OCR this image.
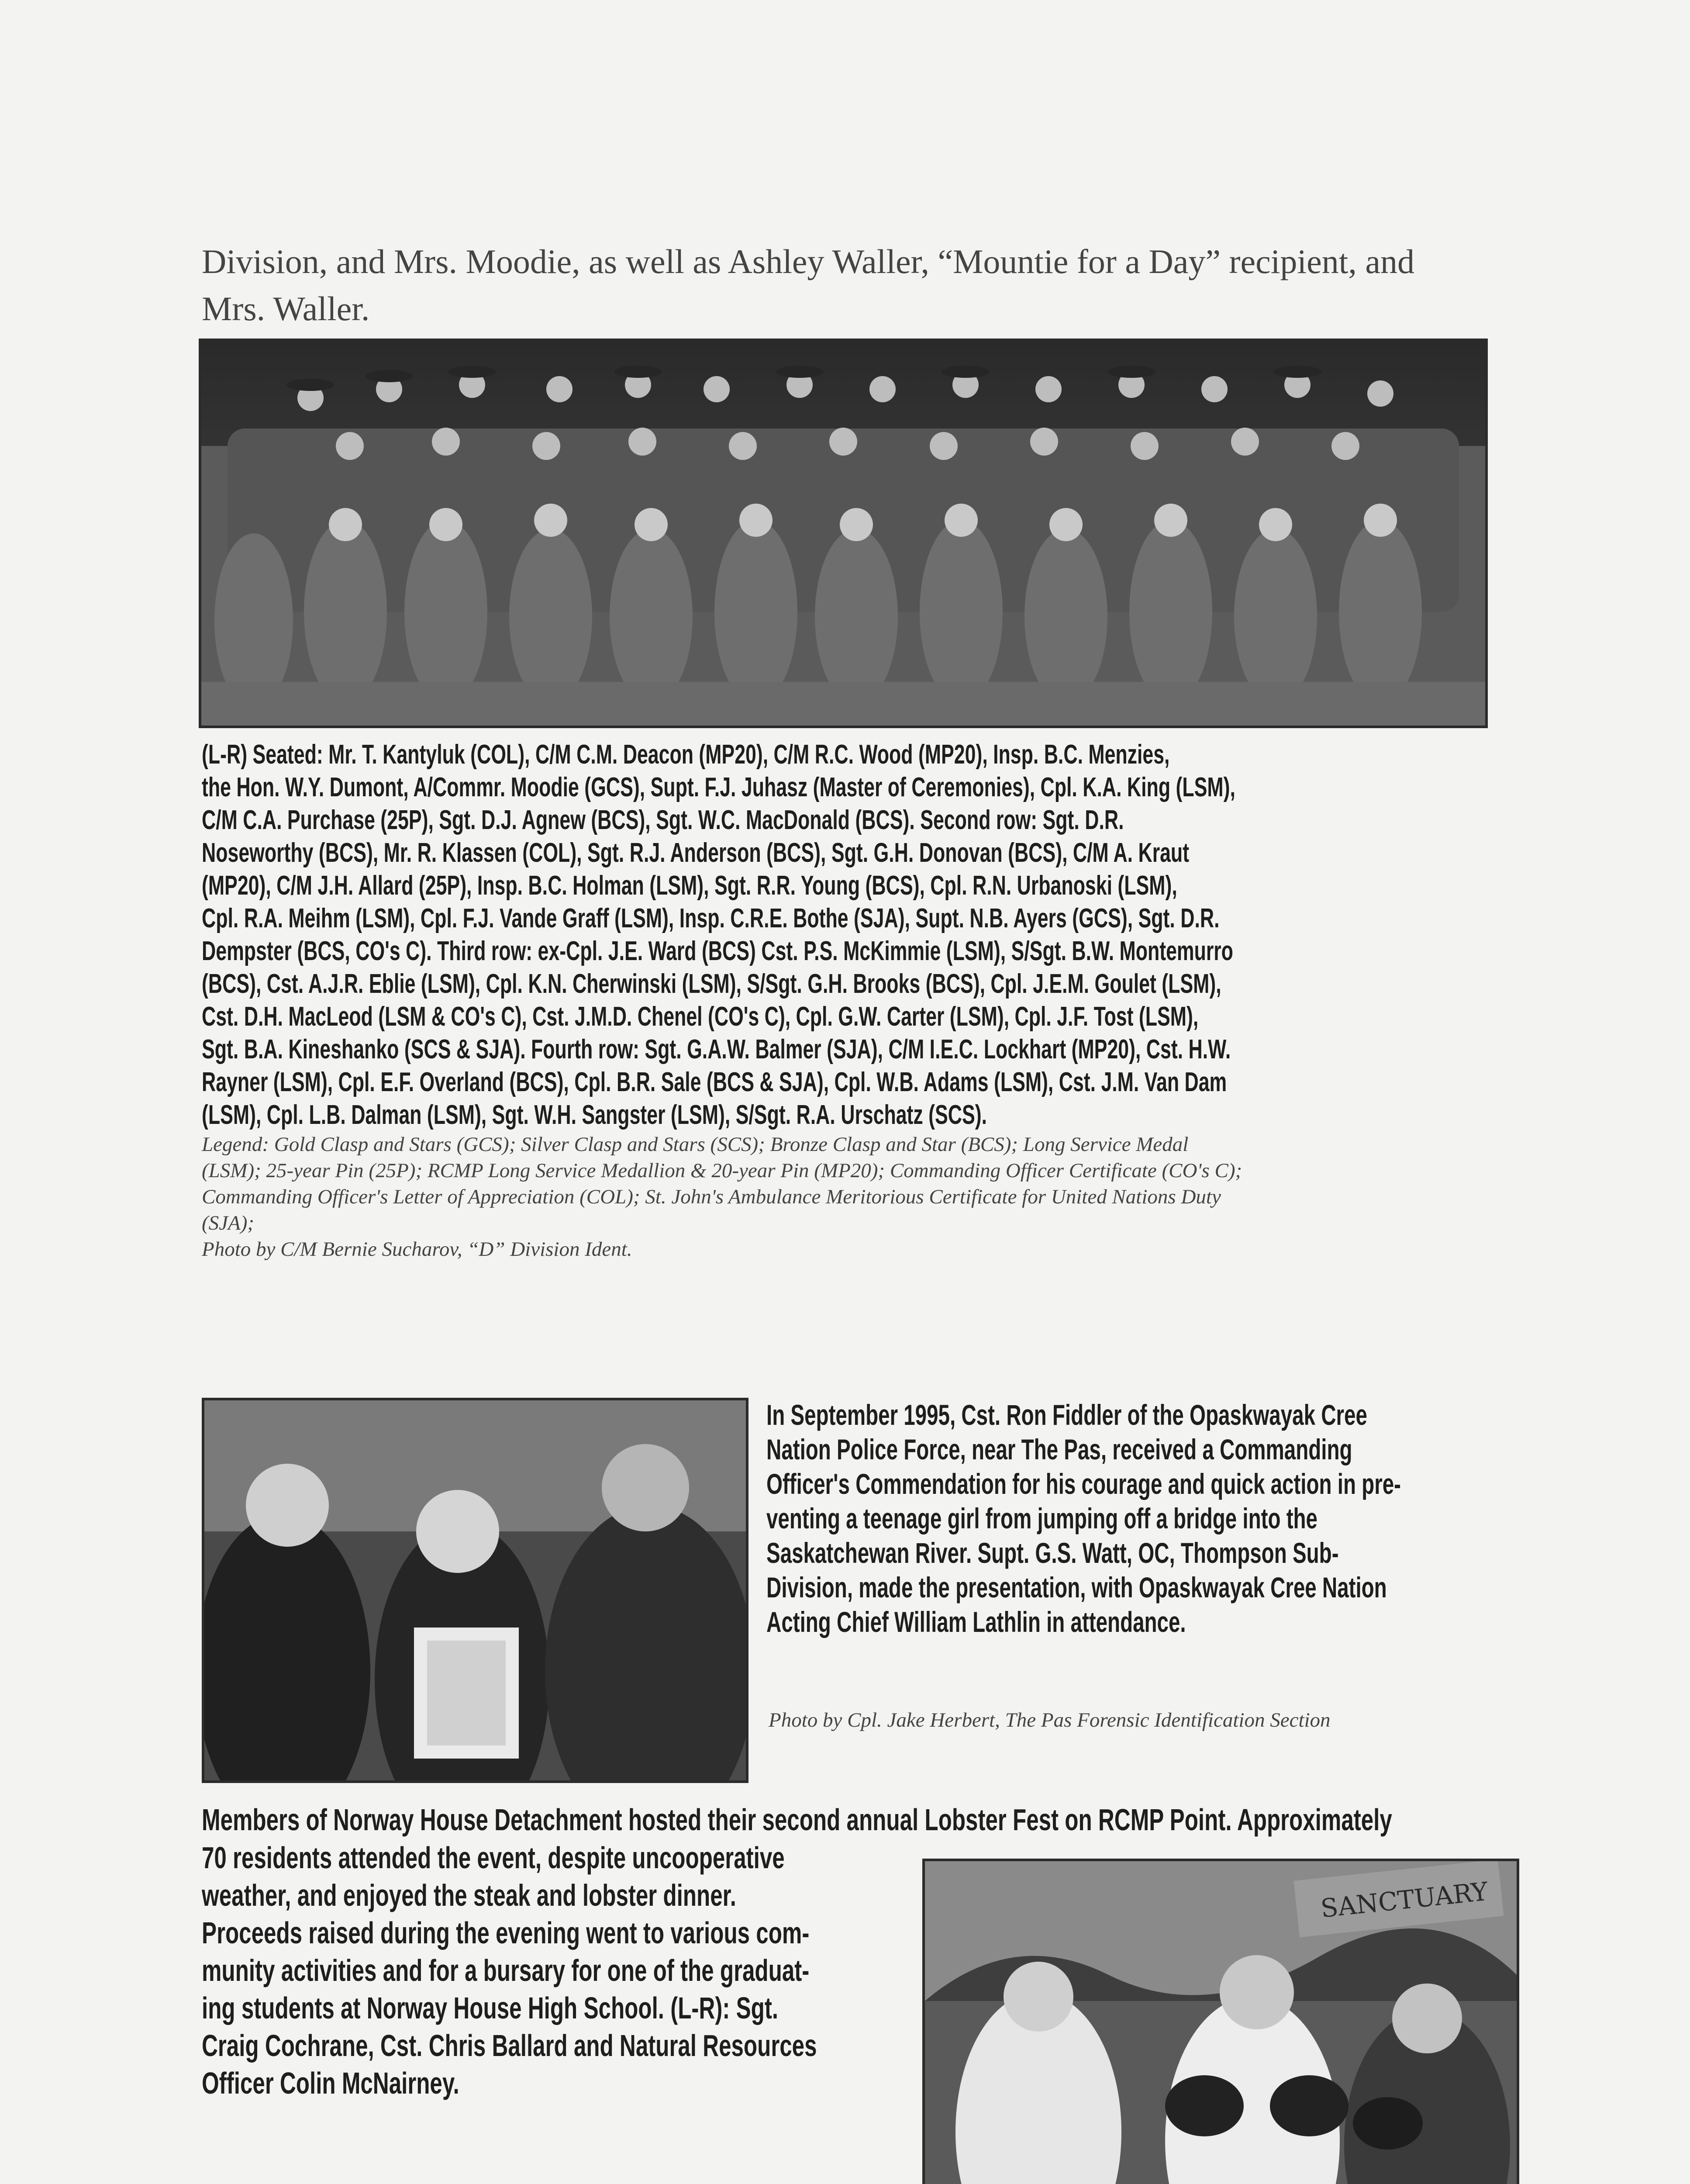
Division, and Mrs. Moodie, as well as Ashley Waller, “Mountie for a Day” recipient, and
Mrs. Waller.
(L-R) Seated: Mr. T. Kantyluk (COL), C/M C.M. Deacon (MP20), C/M R.C. Wood (MP20), Insp. B.C. Menzies,
the Hon. W.Y. Dumont, A/Commr. Moodie (GCS), Supt. F.J. Juhasz (Master of Ceremonies), Cpl. K.A. King (LSM),
C/M C.A. Purchase (25P), Sgt. D.J. Agnew (BCS), Sgt. W.C. MacDonald (BCS). Second row: Sgt. D.R.
Noseworthy (BCS), Mr. R. Klassen (COL), Sgt. R.J. Anderson (BCS), Sgt. G.H. Donovan (BCS), C/M A. Kraut
(MP20), C/M J.H. Allard (25P), Insp. B.C. Holman (LSM), Sgt. R.R. Young (BCS), Cpl. R.N. Urbanoski (LSM),
Cpl. R.A. Meihm (LSM), Cpl. F.J. Vande Graff (LSM), Insp. C.R.E. Bothe (SJA), Supt. N.B. Ayers (GCS), Sgt. D.R.
Dempster (BCS, CO's C). Third row: ex-Cpl. J.E. Ward (BCS) Cst. P.S. McKimmie (LSM), S/Sgt. B.W. Montemurro
(BCS), Cst. A.J.R. Eblie (LSM), Cpl. K.N. Cherwinski (LSM), S/Sgt. G.H. Brooks (BCS), Cpl. J.E.M. Goulet (LSM),
Cst. D.H. MacLeod (LSM & CO's C), Cst. J.M.D. Chenel (CO's C), Cpl. G.W. Carter (LSM), Cpl. J.F. Tost (LSM),
Sgt. B.A. Kineshanko (SCS & SJA). Fourth row: Sgt. G.A.W. Balmer (SJA), C/M I.E.C. Lockhart (MP20), Cst. H.W.
Rayner (LSM), Cpl. E.F. Overland (BCS), Cpl. B.R. Sale (BCS & SJA), Cpl. W.B. Adams (LSM), Cst. J.M. Van Dam
(LSM), Cpl. L.B. Dalman (LSM), Sgt. W.H. Sangster (LSM), S/Sgt. R.A. Urschatz (SCS).
Legend: Gold Clasp and Stars (GCS); Silver Clasp and Stars (SCS); Bronze Clasp and Star (BCS); Long Service Medal
(LSM); 25-year Pin (25P); RCMP Long Service Medallion & 20-year Pin (MP20); Commanding Officer Certificate (CO's C);
Commanding Officer's Letter of Appreciation (COL); St. John's Ambulance Meritorious Certificate for United Nations Duty
(SJA);
Photo by C/M Bernie Sucharov, “D” Division Ident.
In September 1995, Cst. Ron Fiddler of the Opaskwayak Cree
Nation Police Force, near The Pas, received a Commanding
Officer's Commendation for his courage and quick action in pre-
venting a teenage girl from jumping off a bridge into the
Saskatchewan River. Supt. G.S. Watt, OC, Thompson Sub-
Division, made the presentation, with Opaskwayak Cree Nation
Acting Chief William Lathlin in attendance.
Photo by Cpl. Jake Herbert, The Pas Forensic Identification Section
Members of Norway House Detachment hosted their second annual Lobster Fest on RCMP Point. Approximately
70 residents attended the event, despite uncooperative
weather, and enjoyed the steak and lobster dinner.
Proceeds raised during the evening went to various com-
munity activities and for a bursary for one of the graduat-
ing students at Norway House High School. (L-R): Sgt.
Craig Cochrane, Cst. Chris Ballard and Natural Resources
Officer Colin McNairney.
SANCTUARY
